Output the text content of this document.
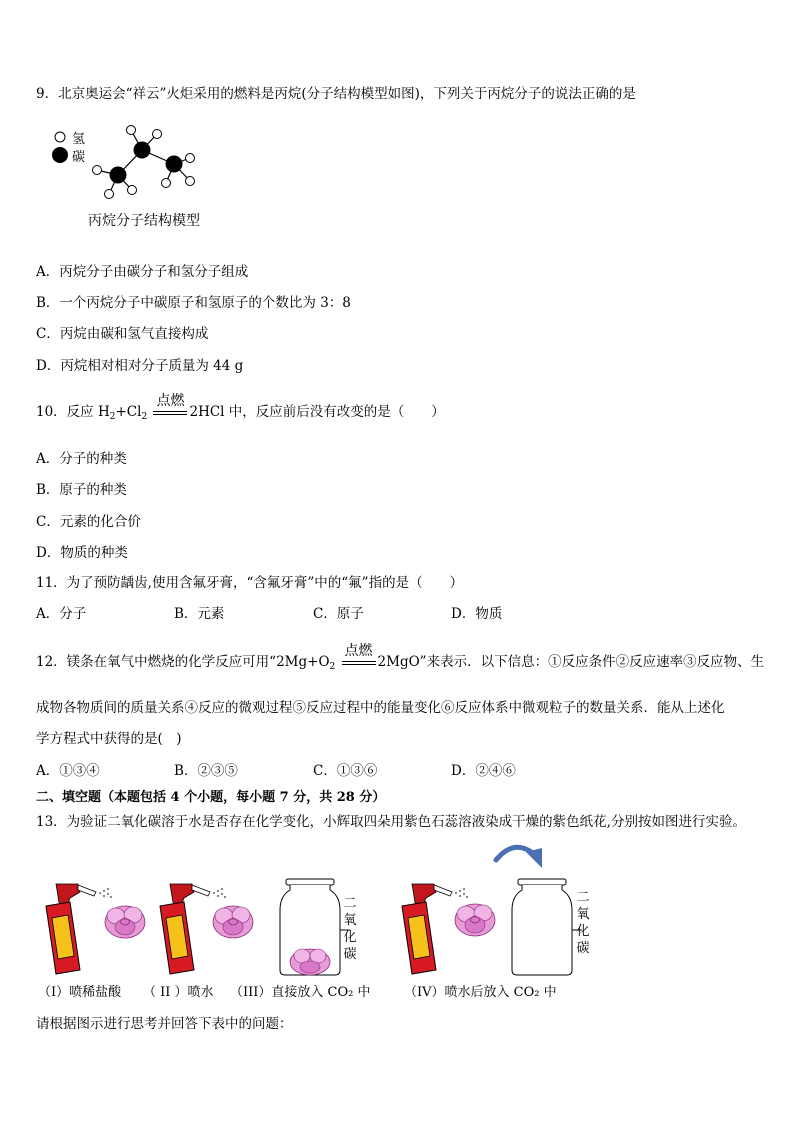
9．北京奥运会“祥云”火炬采用的燃料是丙烷(分子结构模型如图)，下列关于丙烷分子的说法正确的是
氢
碳
丙烷分子结构模型
A．丙烷分子由碳分子和氢分子组成
B．一个丙烷分子中碳原子和氢原子的个数比为 3：8
C．丙烷由碳和氢气直接构成
D．丙烷相对相对分子质量为 44 g
10．反应 $H_2+Cl_2$
点燃
2HCl 中，反应前后没有改变的是（　　）
A．分子的种类
B．原子的种类
C．元素的化合价
D．物质的种类
11．为了预防龋齿,使用含氟牙膏，“含氟牙膏”中的“氟”指的是（　　）
A．分子	B．元素	C．原子	D．物质
12．镁条在氧气中燃烧的化学反应可用“$2Mg+O_2$
点燃
2MgO”来表示．以下信息：①反应条件②反应速率③反应物、生
成物各物质间的质量关系④反应的微观过程⑤反应过程中的能量变化⑥反应体系中微观粒子的数量关系．能从上述化
学方程式中获得的是(　)
A．①③④	B．②③⑤	C．①③⑥	D．②④⑥
二、填空题（本题包括 4 个小题，每小题 7 分，共 28 分）
13．为验证二氧化碳溶于水是否存在化学变化，小辉取四朵用紫色石蕊溶液染成干燥的紫色纸花,分别按如图进行实验。
二
氧
化
碳
二
氧
化
碳
（I）喷稀盐酸 （ II ）喷水 （III）直接放入 CO₂ 中	（IV）喷水后放入 CO₂ 中
请根据图示进行思考并回答下表中的问题：
